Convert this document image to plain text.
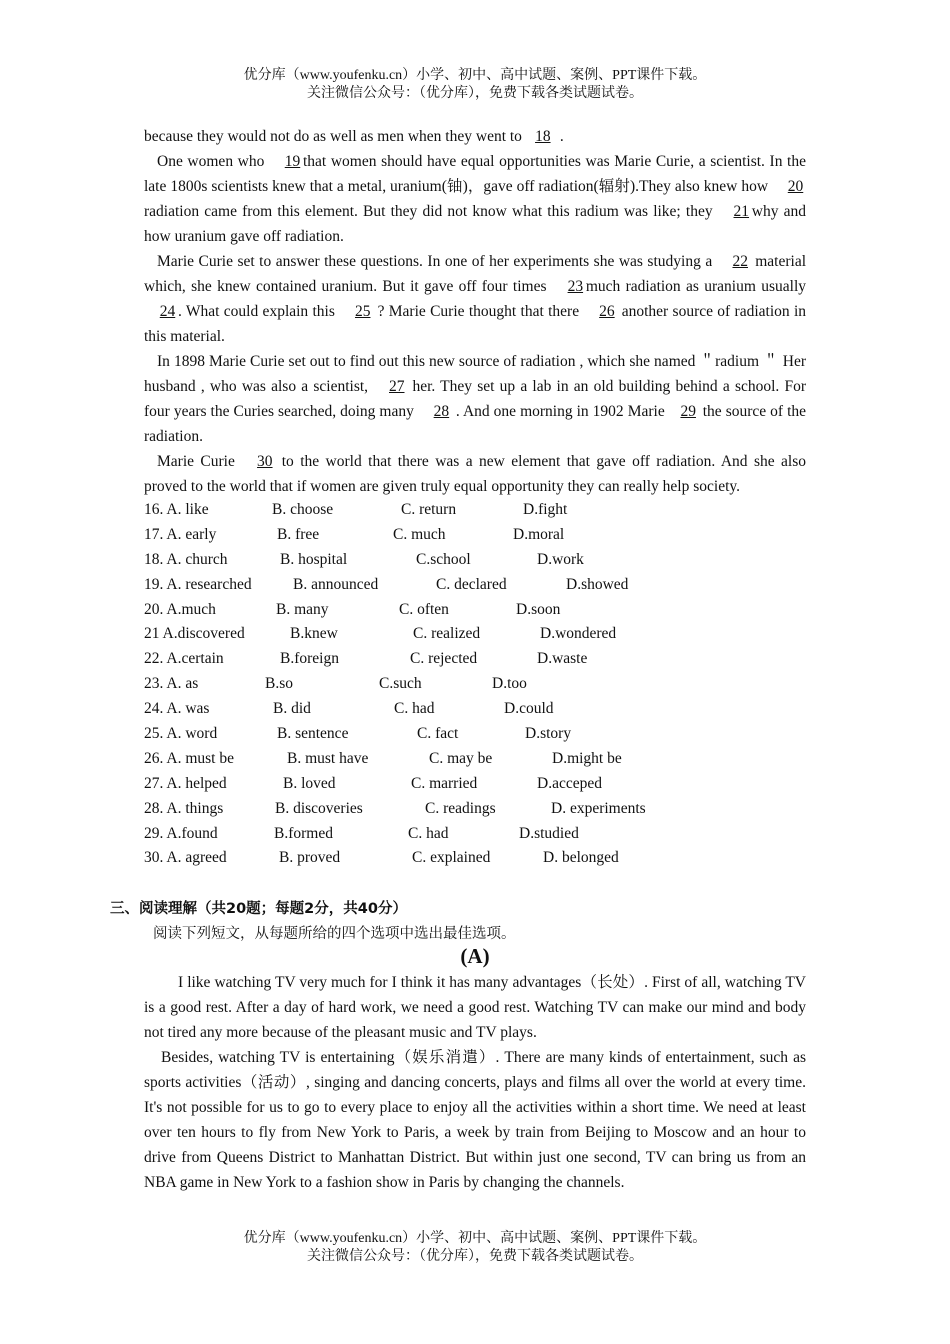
优分库（www.youfenku.cn）小学、初中、高中试题、案例、PPT课件下载。
关注微信公众号：（优分库），免费下载各类试题试卷。

because they would not do as well as men when they went to 18 .

One women who 19 that women should have equal opportunities was Marie Curie, a scientist. In the late 1800s scientists knew that a metal, uranium(铀)，gave off radiation(辐射).They also knew how 20 radiation came from this element. But they did not know what this radium was like; they 21 why and how uranium gave off radiation.

Marie Curie set to answer these questions. In one of her experiments she was studying a 22 material which, she knew contained uranium. But it gave off four times 23 much radiation as uranium usually 24 . What could explain this 25 ? Marie Curie thought that there 26 another source of radiation in this material.

In 1898 Marie Curie set out to find out this new source of radiation , which she named ＂radium ＂ Her husband , who was also a scientist, 27 her. They set up a lab in an old building behind a school. For four years the Curies searched, doing many 28 . And one morning in 1902 Marie 29 the source of the radiation.

Marie Curie 30 to the world that there was a new element that gave off radiation. And she also proved to the world that if women are given truly equal opportunity they can really help society.

16. A. like	B. choose	C. return	D.fight
17. A. early	B. free	C. much	D.moral
18. A. church	B. hospital	C.school	D.work
19. A. researched	B. announced	C. declared	D.showed
20. A.much	B. many	C. often	D.soon
21 A.discovered	B.knew	C. realized	D.wondered
22. A.certain	B.foreign	C. rejected	D.waste
23. A. as	B.so	C.such	D.too
24. A. was	B. did	C. had	D.could
25. A. word	B. sentence	C. fact	D.story
26. A. must be	B. must have	C. may be	D.might be
27. A. helped	B. loved	C. married	D.acceped
28. A. things	B. discoveries	C. readings	D. experiments
29. A.found	B.formed	C. had	D.studied
30. A. agreed	B. proved	C. explained	D. belonged
三、阅读理解（共20题；每题2分，共40分）
阅读下列短文，从每题所给的四个选项中选出最佳选项。
(A)

I like watching TV very much for I think it has many advantages（长处）. First of all, watching TV is a good rest. After a day of hard work, we need a good rest. Watching TV can make our mind and body not tired any more because of the pleasant music and TV plays.

Besides, watching TV is entertaining（娱乐消遣）. There are many kinds of entertainment, such as sports activities（活动）, singing and dancing concerts, plays and films all over the world at every time. It's not possible for us to go to every place to enjoy all the activities within a short time. We need at least over ten hours to fly from New York to Paris, a week by train from Beijing to Moscow and an hour to drive from Queens District to Manhattan District. But within just one second, TV can bring us from an NBA game in New York to a fashion show in Paris by changing the channels.

优分库（www.youfenku.cn）小学、初中、高中试题、案例、PPT课件下载。
关注微信公众号：（优分库），免费下载各类试题试卷。
